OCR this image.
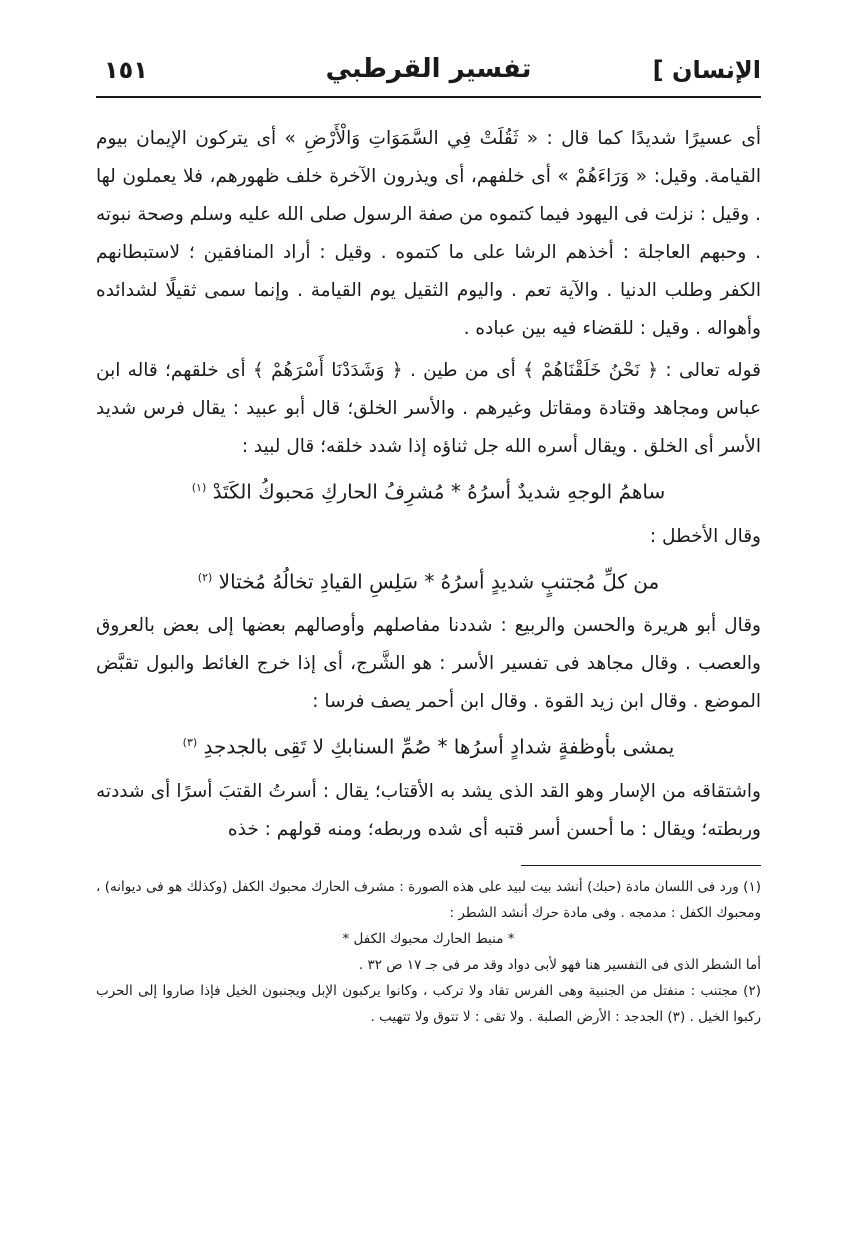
الإنسان ]
تفسير القرطبي
١٥١

أى عسيرًا شديدًا كما قال : « ثَقُلَتْ فِي السَّمَوَاتِ وَالْأَرْضِ » أى يتركون الإيمان بيوم القيامة. وقيل: « وَرَاءَهُمْ » أى خلفهم، أى ويذرون الآخرة خلف ظهورهم، فلا يعملون لها . وقيل : نزلت فى اليهود فيما كتموه من صفة الرسول صلى الله عليه وسلم وصحة نبوته . وحبهم العاجلة : أخذهم الرشا على ما كتموه . وقيل : أراد المنافقين ؛ لاستبطانهم الكفر وطلب الدنيا . والآية تعم . واليوم الثقيل يوم القيامة . وإنما سمى ثقيلًا لشدائده وأهواله . وقيل : للقضاء فيه بين عباده .

قوله تعالى : ﴿ نَحْنُ خَلَقْنَاهُمْ ﴾ أى من طين . ﴿ وَشَدَدْنَا أَسْرَهُمْ ﴾ أى خلقهم؛ قاله ابن عباس ومجاهد وقتادة ومقاتل وغيرهم . والأسر الخلق؛ قال أبو عبيد : يقال فرس شديد الأسر أى الخلق . ويقال أسره الله جل ثناؤه إذا شدد خلقه؛ قال لبيد :

ساهمُ الوجهِ شديدٌ أسرُهُ * مُشرِفُ الحاركِ مَحبوكُ الكَتَدْ $^{(١)}$

وقال الأخطل :

من كلِّ مُجتنبٍ شديدٍ أسرُهُ * سَلِسِ القيادِ تخالُهُ مُختالا $^{(٢)}$

وقال أبو هريرة والحسن والربيع : شددنا مفاصلهم وأوصالهم بعضها إلى بعض بالعروق والعصب . وقال مجاهد فى تفسير الأسر : هو الشَّرج، أى إذا خرج الغائط والبول تقبَّض الموضع . وقال ابن زيد القوة . وقال ابن أحمر يصف فرسا :

يمشى بأوظفةٍ شدادٍ أسرُها * صُمِّ السنابكِ لا تَقِى بالجدجدِ $^{(٣)}$

واشتقاقه من الإسار وهو القد الذى يشد به الأقتاب؛ يقال : أسرتُ القتبَ أسرًا أى شددته وربطته؛ ويقال : ما أحسن أسر قتبه أى شده وربطه؛ ومنه قولهم : خذه

(١) ورد فى اللسان مادة (حبك) أنشد بيت لبيد على هذه الصورة : مشرف الحارك محبوك الكفل (وكذلك هو فى ديوانه) ، ومحبوك الكفل : مدمجه . وفى مادة حرك أنشد الشطر :

* منبط الحارك محبوك الكفل *

أما الشطر الذى فى التفسير هنا فهو لأبى دواد وقد مر فى جـ ١٧ ص ٣٢ .

(٢) مجتنب : منفتل من الجنبية وهى الفرس تقاد ولا تركب ، وكانوا يركبون الإبل ويجنبون الخيل فإذا صاروا إلى الحرب ركبوا الخيل . (٣) الجدجد : الأرض الصلبة . ولا تقى : لا تتوق ولا تتهيب .
